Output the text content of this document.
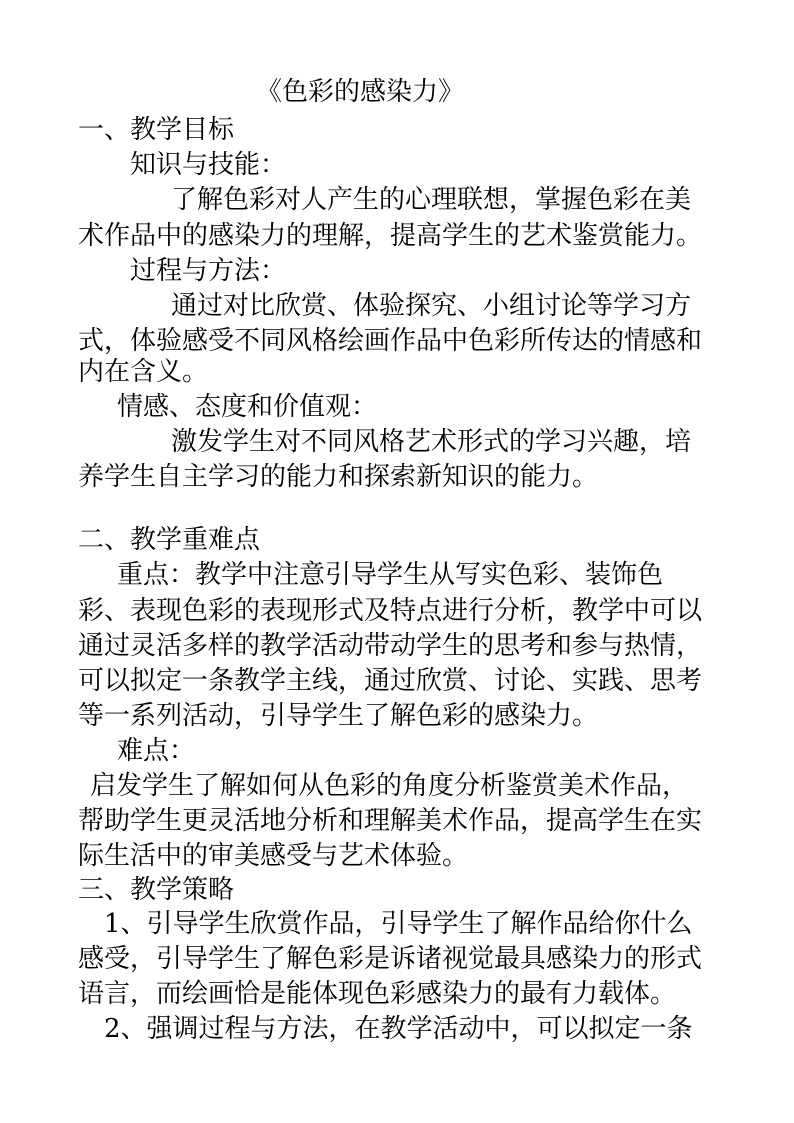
《色彩的感染力》
一、教学目标
知识与技能：
了解色彩对人产生的心理联想，掌握色彩在美
术作品中的感染力的理解，提高学生的艺术鉴赏能力。
过程与方法：
通过对比欣赏、体验探究、小组讨论等学习方
式，体验感受不同风格绘画作品中色彩所传达的情感和
内在含义。
情感、态度和价值观：
激发学生对不同风格艺术形式的学习兴趣，培
养学生自主学习的能力和探索新知识的能力。
二、教学重难点
重点：教学中注意引导学生从写实色彩、装饰色
彩、表现色彩的表现形式及特点进行分析，教学中可以
通过灵活多样的教学活动带动学生的思考和参与热情，
可以拟定一条教学主线，通过欣赏、讨论、实践、思考
等一系列活动，引导学生了解色彩的感染力。
难点：
启发学生了解如何从色彩的角度分析鉴赏美术作品，
帮助学生更灵活地分析和理解美术作品，提高学生在实
际生活中的审美感受与艺术体验。
三、教学策略
1、引导学生欣赏作品，引导学生了解作品给你什么
感受，引导学生了解色彩是诉诸视觉最具感染力的形式
语言，而绘画恰是能体现色彩感染力的最有力载体。
2、强调过程与方法，在教学活动中，可以拟定一条
